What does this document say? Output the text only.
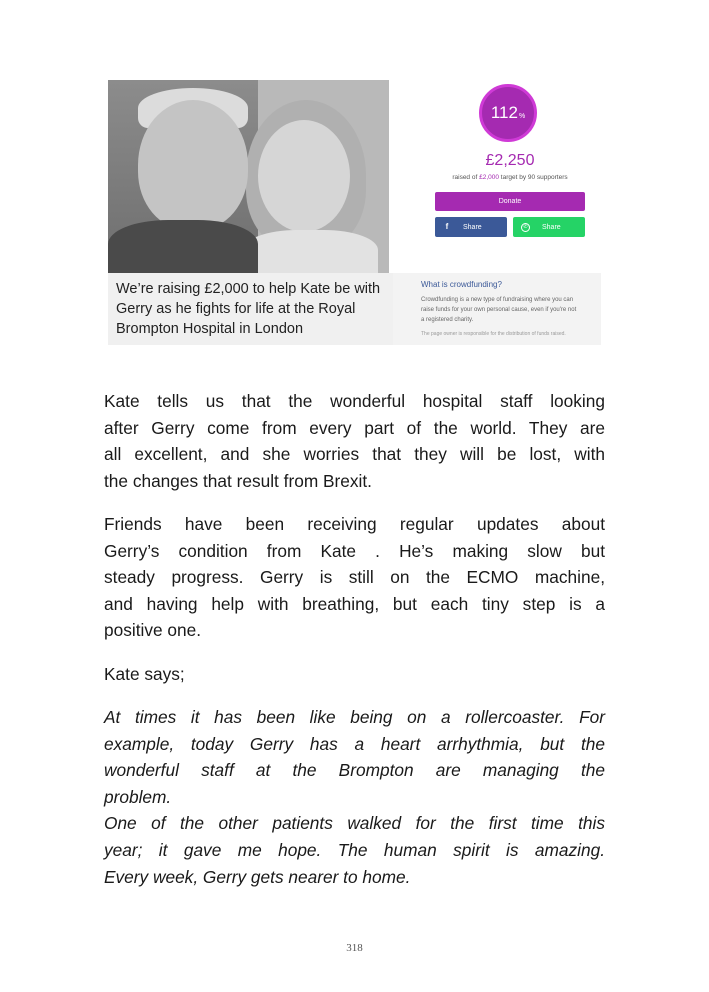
We’re raising £2,000 to help Kate be with
Gerry as he fights for life at the Royal
Brompton Hospital in London
112 %
£2,250
raised of £2,000 target by 90 supporters
Donate
f	Share	✆	Share
What is crowdfunding?
Crowdfunding is a new type of fundraising where you can
raise funds for your own personal cause, even if you're not
a registered charity.
The page owner is responsible for the distribution of funds raised.
Kate tells us that the wonderful hospital staff looking
after Gerry come from every part of the world. They are
all excellent, and she worries that they will be lost, with
the changes that result from Brexit.
Friends have been receiving regular updates about
Gerry’s condition from Kate . He’s making slow but
steady progress. Gerry is still on the ECMO machine,
and having help with breathing, but each tiny step is a
positive one.
Kate says;
At times it has been like being on a rollercoaster. For
example, today Gerry has a heart arrhythmia, but the
wonderful staff at the Brompton are managing the
problem.
One of the other patients walked for the first time this
year; it gave me hope. The human spirit is amazing.
Every week, Gerry gets nearer to home.
318
